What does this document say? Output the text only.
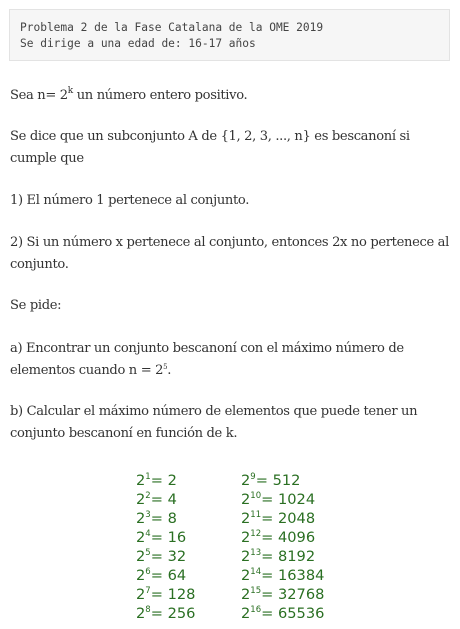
Problema 2 de la Fase Catalana de la OME 2019
Se dirige a una edad de: 16-17 años
Sea $n= 2^k$ un número entero positivo.
Se dice que un subconjunto A de {1, 2, 3, ..., n} es bescanoní si cumple que
1) El número 1 pertenece al conjunto.
2) Si un número x pertenece al conjunto, entonces 2x no pertenece al conjunto.
Se pide:
a) Encontrar un conjunto bescanoní con el máximo número de elementos cuando $n = 2^5$.
b) Calcular el máximo número de elementos que puede tener un conjunto bescanoní en función de k.
$2^1= 2$
$2^2= 4$
$2^3= 8$
$2^4= 16$
$2^5= 32$
$2^6= 64$
$2^7= 128$
$2^8= 256$
$2^9= 512$
$2^{10}= 1024$
$2^{11}= 2048$
$2^{12}= 4096$
$2^{13}= 8192$
$2^{14}= 16384$
$2^{15}= 32768$
$2^{16}= 65536$
